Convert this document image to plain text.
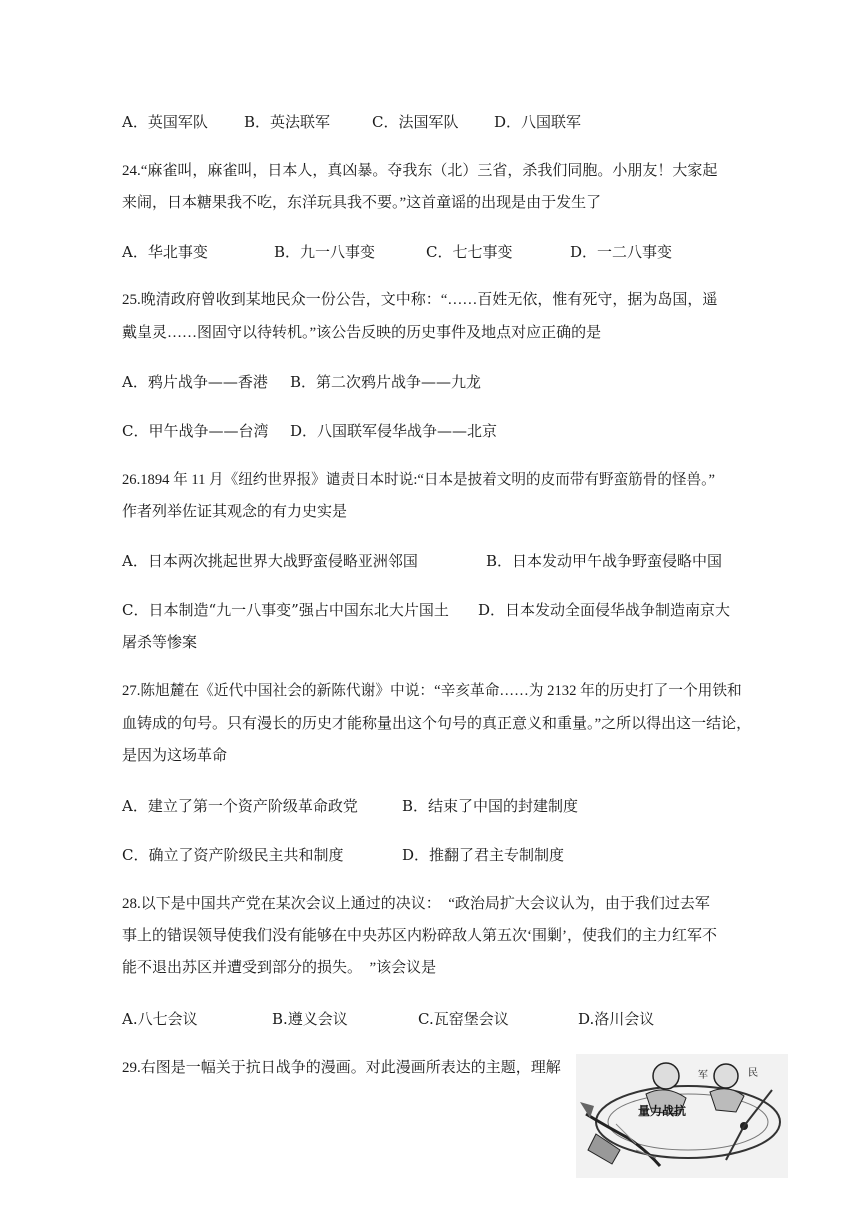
A．英国军队 B．英法联军	C．法国军队 D．八国联军
24.“麻雀叫，麻雀叫，日本人，真凶暴。夺我东（北）三省，杀我们同胞。小朋友！大家起
来闹，日本糖果我不吃，东洋玩具我不要。”这首童谣的出现是由于发生了
A．华北事变	B．九一八事变	C．七七事变	D．一二八事变
25.晚清政府曾收到某地民众一份公告，文中称：“……百姓无依，惟有死守，据为岛国，遥
戴皇灵……图固守以待转机。”该公告反映的历史事件及地点对应正确的是
A．鸦片战争——香港 B．第二次鸦片战争——九龙
C．甲午战争——台湾 D．八国联军侵华战争——北京
26.1894 年 11 月《纽约世界报》谴责日本时说:“日本是披着文明的皮而带有野蛮筋骨的怪兽。”
作者列举佐证其观念的有力史实是
A．日本两次挑起世界大战野蛮侵略亚洲邻国	B．日本发动甲午战争野蛮侵略中国
C．日本制造“九一八事变”强占中国东北大片国土 D．日本发动全面侵华战争制造南京大
屠杀等惨案
27.陈旭麓在《近代中国社会的新陈代谢》中说：“辛亥革命……为 2132 年的历史打了一个用铁和
血铸成的句号。只有漫长的历史才能称量出这个句号的真正意义和重量。”之所以得出这一结论，
是因为这场革命
A．建立了第一个资产阶级革命政党	B．结束了中国的封建制度
C．确立了资产阶级民主共和制度	D．推翻了君主专制制度
28.以下是中国共产党在某次会议上通过的决议：　“政治局扩大会议认为，由于我们过去军
事上的错误领导使我们没有能够在中央苏区内粉碎敌人第五次‘围剿’，使我们的主力红军不
能不退出苏区并遭受到部分的损失。　”该会议是
A.八七会议	B.遵义会议	C.瓦窑堡会议	D.洛川会议
29.右图是一幅关于抗日战争的漫画。对此漫画所表达的主题，理解
量力战抗
军	民
